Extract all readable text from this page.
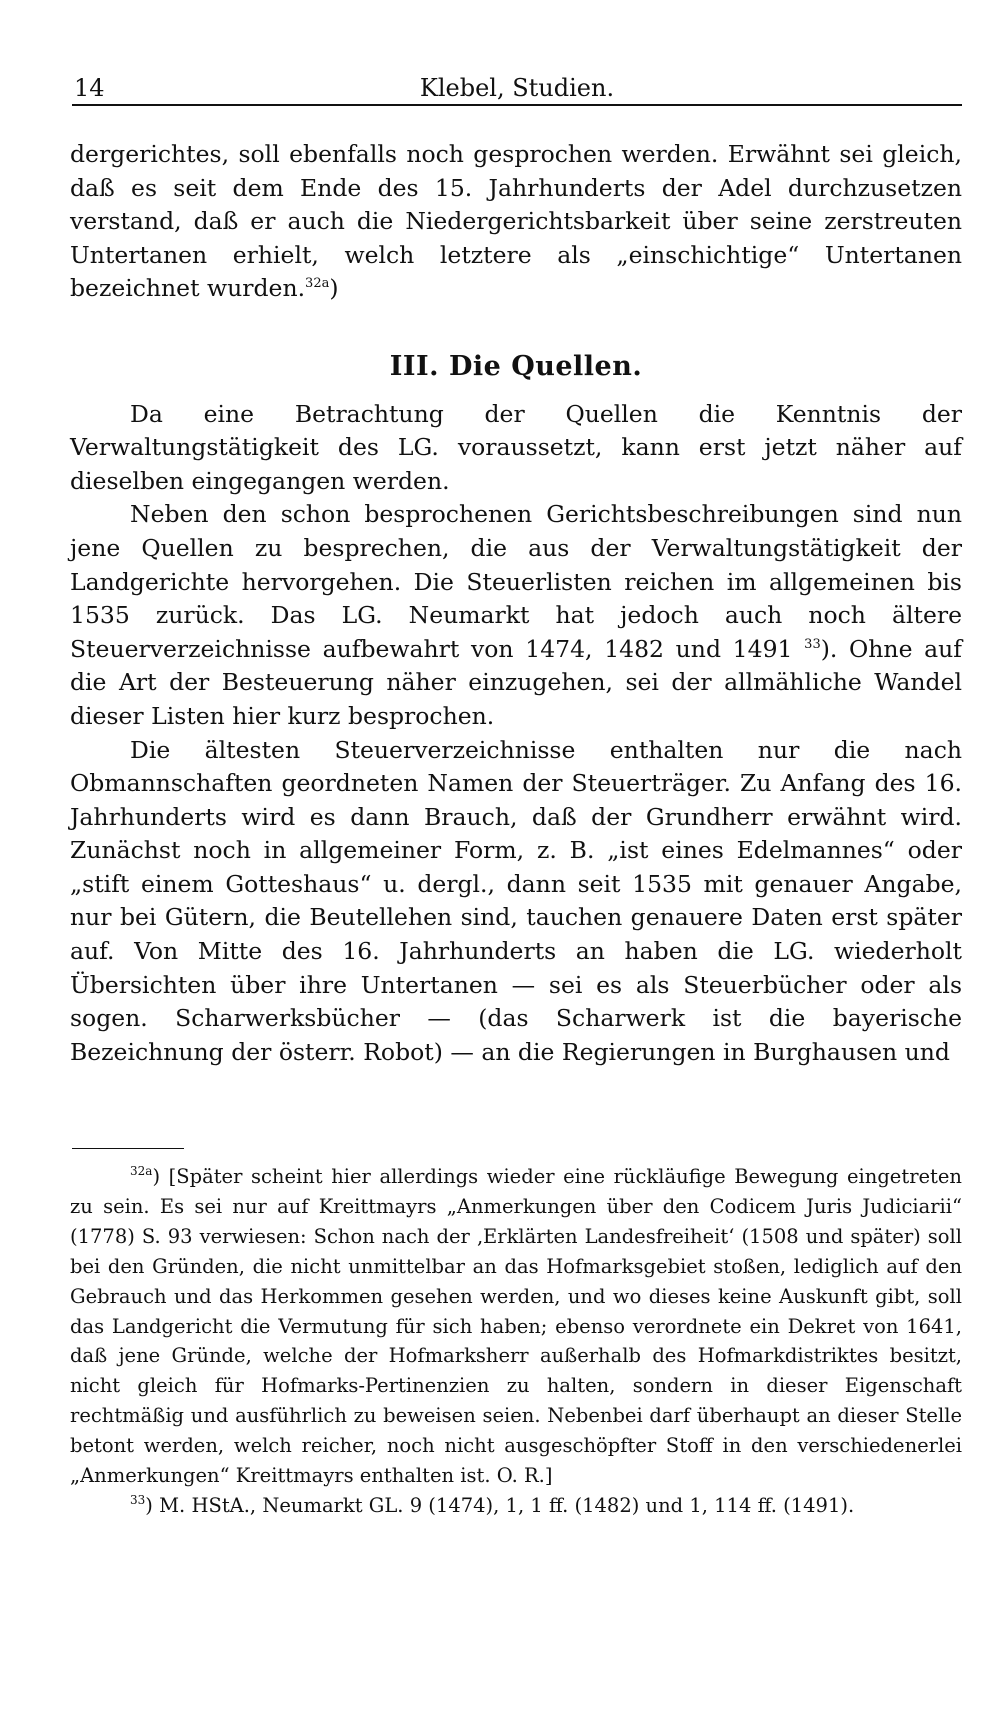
14	Klebel, Studien.

dergerichtes, soll ebenfalls noch gesprochen werden. Erwähnt sei gleich, daß es seit dem Ende des 15. Jahrhunderts der Adel durchzusetzen verstand, daß er auch die Niedergerichtsbarkeit über seine zerstreuten Untertanen erhielt, welch letztere als „einschichtige“ Untertanen bezeichnet wurden.$^{32a}$)

III. Die Quellen.

Da eine Betrachtung der Quellen die Kenntnis der Verwaltungstätigkeit des LG. voraussetzt, kann erst jetzt näher auf dieselben eingegangen werden.

Neben den schon besprochenen Gerichtsbeschreibungen sind nun jene Quellen zu besprechen, die aus der Verwaltungstätigkeit der Landgerichte hervorgehen. Die Steuerlisten reichen im allgemeinen bis 1535 zurück. Das LG. Neumarkt hat jedoch auch noch ältere Steuerverzeichnisse aufbewahrt von 1474, 1482 und 1491 $^{33}$). Ohne auf die Art der Besteuerung näher einzugehen, sei der allmähliche Wandel dieser Listen hier kurz besprochen.

Die ältesten Steuerverzeichnisse enthalten nur die nach Obmannschaften geordneten Namen der Steuerträger. Zu Anfang des 16. Jahrhunderts wird es dann Brauch, daß der Grundherr erwähnt wird. Zunächst noch in allgemeiner Form, z. B. „ist eines Edelmannes“ oder „stift einem Gotteshaus“ u. dergl., dann seit 1535 mit genauer Angabe, nur bei Gütern, die Beutellehen sind, tauchen genauere Daten erst später auf. Von Mitte des 16. Jahrhunderts an haben die LG. wiederholt Übersichten über ihre Untertanen — sei es als Steuerbücher oder als sogen. Scharwerksbücher — (das Scharwerk ist die bayerische Bezeichnung der österr. Robot) — an die Regierungen in Burghausen und

$^{32a}$) [Später scheint hier allerdings wieder eine rückläufige Bewegung eingetreten zu sein. Es sei nur auf Kreittmayrs „Anmerkungen über den Codicem Juris Judiciarii“ (1778) S. 93 verwiesen: Schon nach der ‚Erklärten Landesfreiheit‘ (1508 und später) soll bei den Gründen, die nicht unmittelbar an das Hofmarksgebiet stoßen, lediglich auf den Gebrauch und das Herkommen gesehen werden, und wo dieses keine Auskunft gibt, soll das Landgericht die Vermutung für sich haben; ebenso verordnete ein Dekret von 1641, daß jene Gründe, welche der Hofmarksherr außerhalb des Hofmarkdistriktes besitzt, nicht gleich für Hofmarks-Pertinenzien zu halten, sondern in dieser Eigenschaft rechtmäßig und ausführlich zu beweisen seien. Nebenbei darf überhaupt an dieser Stelle betont werden, welch reicher, noch nicht ausgeschöpfter Stoff in den verschiedenerlei „Anmerkungen“ Kreittmayrs enthalten ist. O. R.]

$^{33}$) M. HStA., Neumarkt GL. 9 (1474), 1, 1 ff. (1482) und 1, 114 ff. (1491).
